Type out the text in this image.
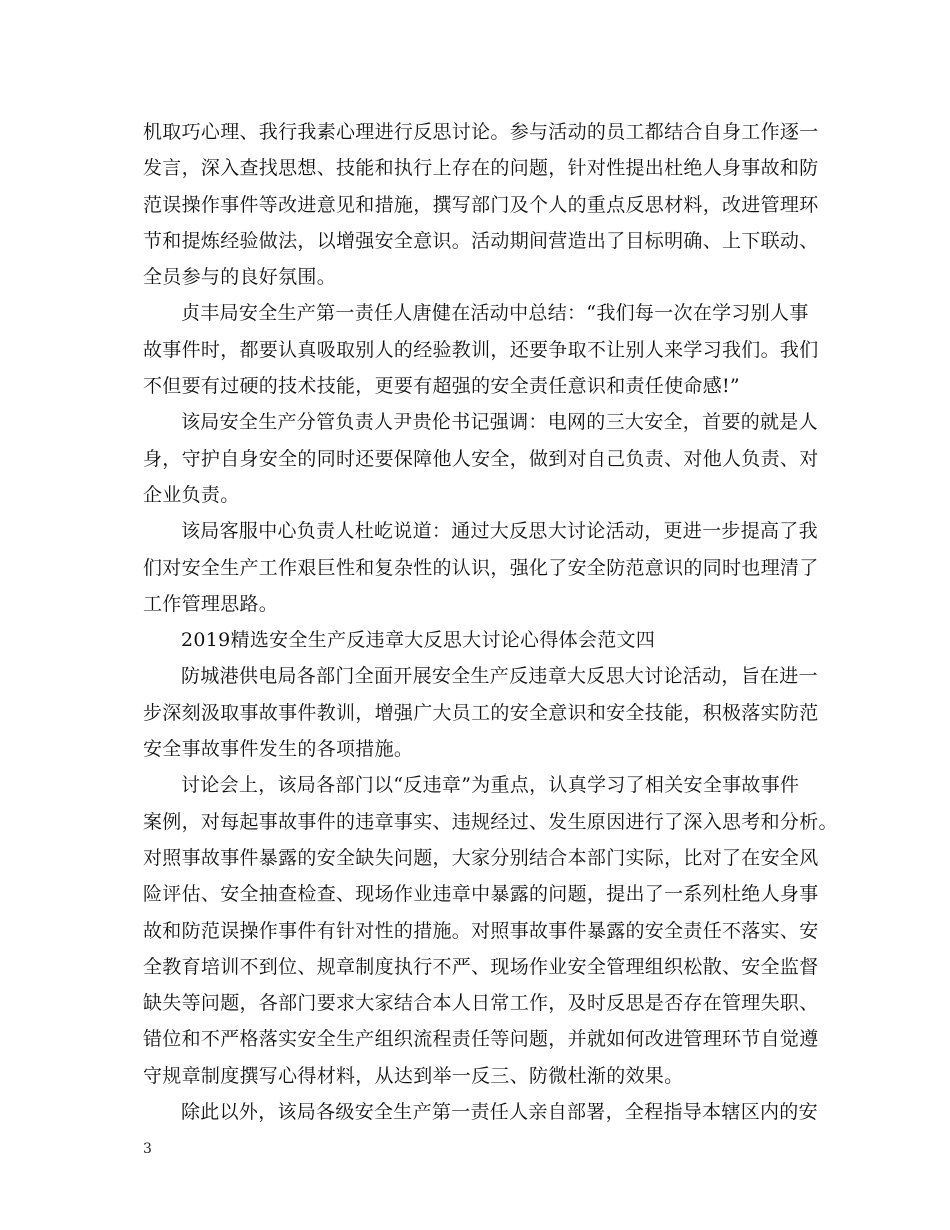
机取巧心理、我行我素心理进行反思讨论。参与活动的员工都结合自身工作逐一
发言，深入查找思想、技能和执行上存在的问题，针对性提出杜绝人身事故和防
范误操作事件等改进意见和措施，撰写部门及个人的重点反思材料，改进管理环
节和提炼经验做法，以增强安全意识。活动期间营造出了目标明确、上下联动、
全员参与的良好氛围。

贞丰局安全生产第一责任人唐健在活动中总结：“我们每一次在学习别人事
故事件时，都要认真吸取别人的经验教训，还要争取不让别人来学习我们。我们
不但要有过硬的技术技能，更要有超强的安全责任意识和责任使命感!”

该局安全生产分管负责人尹贵伦书记强调：电网的三大安全，首要的就是人
身，守护自身安全的同时还要保障他人安全，做到对自己负责、对他人负责、对
企业负责。

该局客服中心负责人杜屹说道：通过大反思大讨论活动，更进一步提高了我
们对安全生产工作艰巨性和复杂性的认识，强化了安全防范意识的同时也理清了
工作管理思路。

2019精选安全生产反违章大反思大讨论心得体会范文四

防城港供电局各部门全面开展安全生产反违章大反思大讨论活动，旨在进一
步深刻汲取事故事件教训，增强广大员工的安全意识和安全技能，积极落实防范
安全事故事件发生的各项措施。

讨论会上，该局各部门以“反违章”为重点，认真学习了相关安全事故事件
案例，对每起事故事件的违章事实、违规经过、发生原因进行了深入思考和分析。
对照事故事件暴露的安全缺失问题，大家分别结合本部门实际，比对了在安全风
险评估、安全抽查检查、现场作业违章中暴露的问题，提出了一系列杜绝人身事
故和防范误操作事件有针对性的措施。对照事故事件暴露的安全责任不落实、安
全教育培训不到位、规章制度执行不严、现场作业安全管理组织松散、安全监督
缺失等问题，各部门要求大家结合本人日常工作，及时反思是否存在管理失职、
错位和不严格落实安全生产组织流程责任等问题，并就如何改进管理环节自觉遵
守规章制度撰写心得材料，从达到举一反三、防微杜渐的效果。

除此以外，该局各级安全生产第一责任人亲自部署，全程指导本辖区内的安

3
